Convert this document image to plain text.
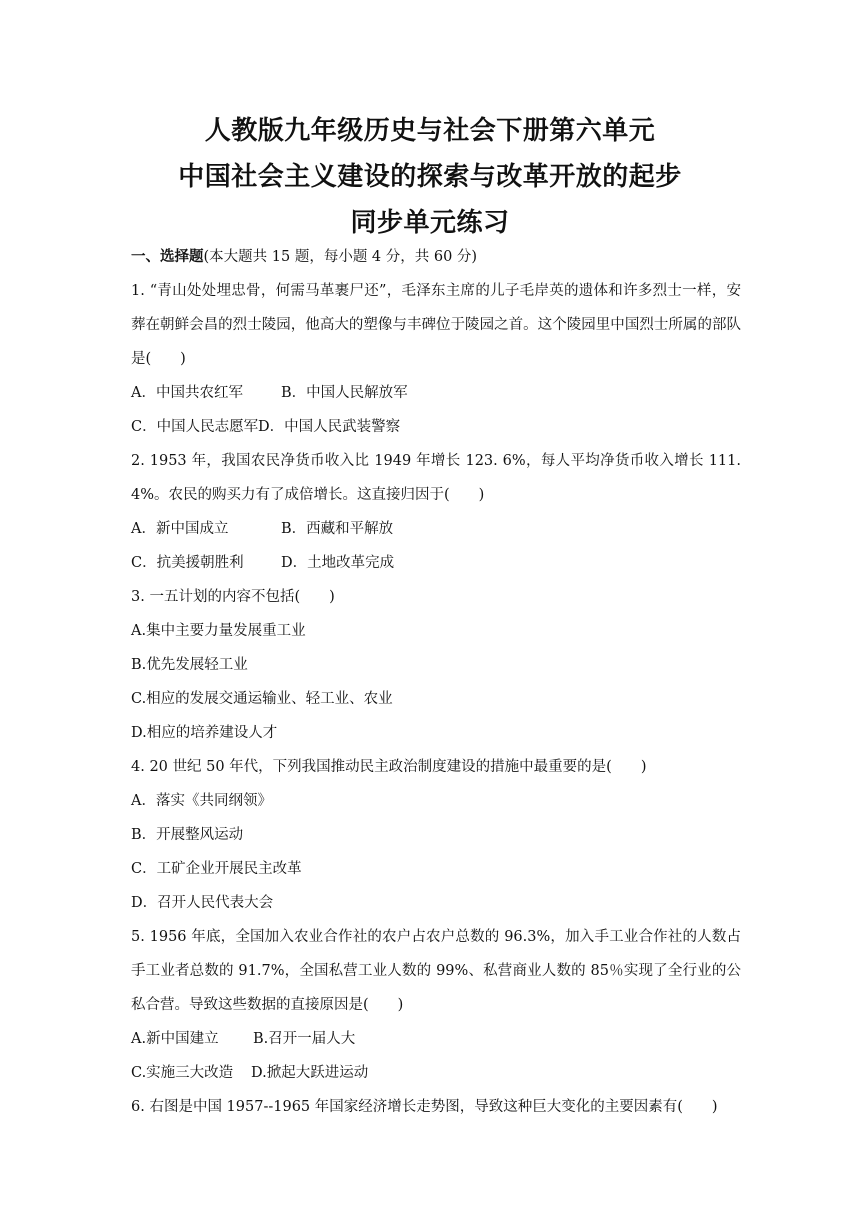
人教版九年级历史与社会下册第六单元
中国社会主义建设的探索与改革开放的起步
同步单元练习
一、选择题(本大题共 15 题，每小题 4 分，共 60 分)
1. “青山处处埋忠骨，何需马革裹尸还”，毛泽东主席的儿子毛岸英的遗体和许多烈士一样，安葬在朝鲜会昌的烈士陵园，他高大的塑像与丰碑位于陵园之首。这个陵园里中国烈士所属的部队是(　　)
A．中国共农红军	B．中国人民解放军
C．中国人民志愿军D．中国人民武装警察
2. 1953 年，我国农民净货币收入比 1949 年增长 123. 6%，每人平均净货币收入增长 111. 4%。农民的购买力有了成倍增长。这直接归因于(　　)
A．新中国成立	B．西藏和平解放
C．抗美援朝胜利	D．土地改革完成
3. 一五计划的内容不包括(　　)
A.集中主要力量发展重工业
B.优先发展轻工业
C.相应的发展交通运输业、轻工业、农业
D.相应的培养建设人才
4. 20 世纪 50 年代，下列我国推动民主政治制度建设的措施中最重要的是(　　)
A．落实《共同纲领》
B．开展整风运动
C．工矿企业开展民主改革
D．召开人民代表大会
5. 1956 年底，全国加入农业合作社的农户占农户总数的 96.3%，加入手工业合作社的人数占手工业者总数的 91.7%，全国私营工业人数的 99%、私营商业人数的 85％实现了全行业的公私合营。导致这些数据的直接原因是(　　)
A.新中国建立 B.召开一届人大
C.实施三大改造 D.掀起大跃进运动
6. 右图是中国 1957--1965 年国家经济增长走势图，导致这种巨大变化的主要因素有(　　)
